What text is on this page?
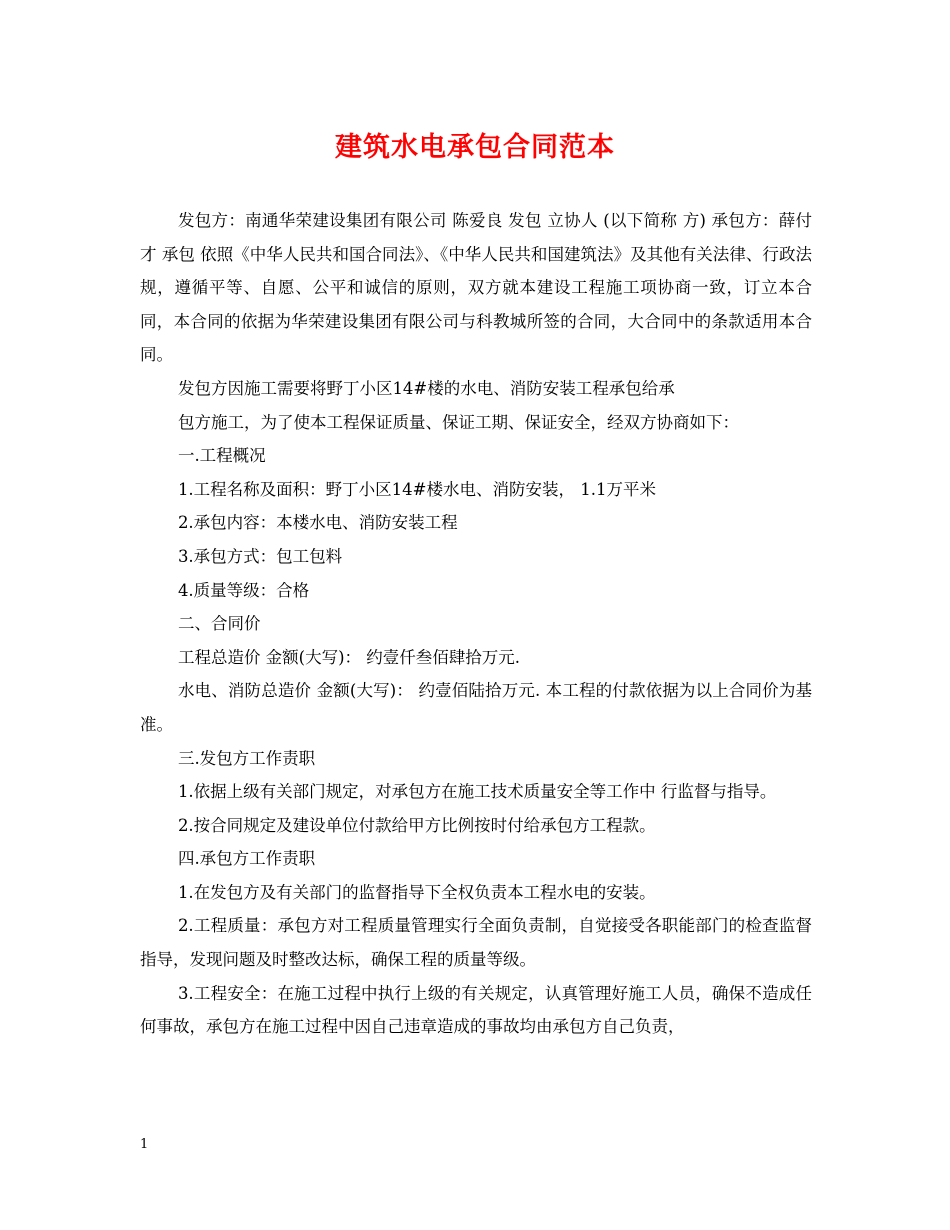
建筑水电承包合同范本

发包方：南通华荣建设集团有限公司 陈爱良 发包 立协人 (以下简称 方) 承包方：薛付才 承包 依照《中华人民共和国合同法》、《中华人民共和国建筑法》及其他有关法律、行政法规，遵循平等、自愿、公平和诚信的原则，双方就本建设工程施工项协商一致，订立本合同，本合同的依据为华荣建设集团有限公司与科教城所签的合同，大合同中的条款适用本合同。

发包方因施工需要将野丁小区14#楼的水电、消防安装工程承包给承

包方施工，为了使本工程保证质量、保证工期、保证安全，经双方协商如下：

一.工程概况

1.工程名称及面积：野丁小区14#楼水电、消防安装， 1.1万平米

2.承包内容：本楼水电、消防安装工程

3.承包方式：包工包料

4.质量等级：合格

二、合同价

工程总造价 金额(大写)： 约壹仟叁佰肆拾万元.

水电、消防总造价 金额(大写)： 约壹佰陆拾万元. 本工程的付款依据为以上合同价为基准。

三.发包方工作责职

1.依据上级有关部门规定，对承包方在施工技术质量安全等工作中 行监督与指导。

2.按合同规定及建设单位付款给甲方比例按时付给承包方工程款。

四.承包方工作责职

1.在发包方及有关部门的监督指导下全权负责本工程水电的安装。

2.工程质量：承包方对工程质量管理实行全面负责制，自觉接受各职能部门的检查监督指导，发现问题及时整改达标，确保工程的质量等级。

3.工程安全：在施工过程中执行上级的有关规定，认真管理好施工人员，确保不造成任何事故，承包方在施工过程中因自己违章造成的事故均由承包方自己负责，

1
